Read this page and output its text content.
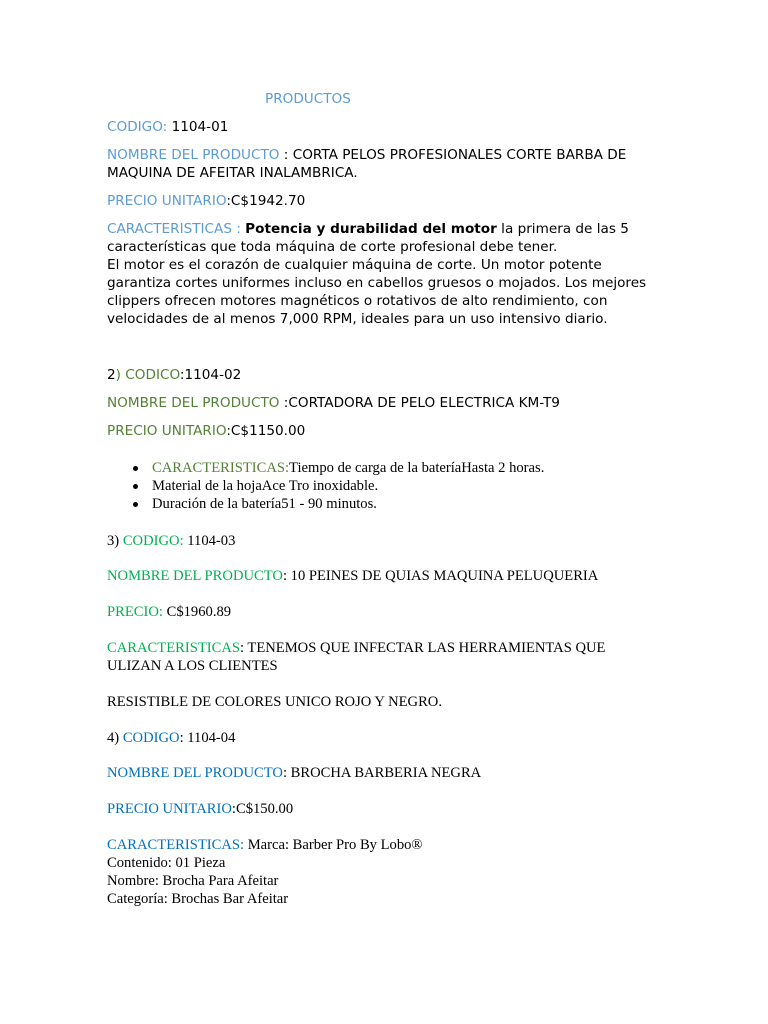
PRODUCTOS

CODIGO: 1104-01

NOMBRE DEL PRODUCTO : CORTA PELOS PROFESIONALES CORTE BARBA DE MAQUINA DE AFEITAR INALAMBRICA.

PRECIO UNITARIO:C$1942.70

CARACTERISTICAS : Potencia y durabilidad del motor la primera de las 5 características que toda máquina de corte profesional debe tener.

El motor es el corazón de cualquier máquina de corte. Un motor potente garantiza cortes uniformes incluso en cabellos gruesos o mojados. Los mejores clippers ofrecen motores magnéticos o rotativos de alto rendimiento, con velocidades de al menos 7,000 RPM, ideales para un uso intensivo diario.

2) CODICO:1104-02

NOMBRE DEL PRODUCTO :CORTADORA DE PELO ELECTRICA KM-T9

PRECIO UNITARIO:C$1150.00

CARACTERISTICAS:Tiempo de carga de la bateríaHasta 2 horas.
Material de la hojaAce Tro inoxidable.
Duración de la batería51 - 90 minutos.

3) CODIGO: 1104-03

NOMBRE DEL PRODUCTO: 10 PEINES DE QUIAS MAQUINA PELUQUERIA

PRECIO: C$1960.89

CARACTERISTICAS: TENEMOS QUE INFECTAR LAS HERRAMIENTAS QUE ULIZAN A LOS CLIENTES

RESISTIBLE DE COLORES UNICO ROJO Y NEGRO.

4) CODIGO: 1104-04

NOMBRE DEL PRODUCTO: BROCHA BARBERIA NEGRA

PRECIO UNITARIO:C$150.00

CARACTERISTICAS: Marca: Barber Pro By Lobo®

Contenido: 01 Pieza

Nombre: Brocha Para Afeitar

Categoría: Brochas Bar Afeitar
